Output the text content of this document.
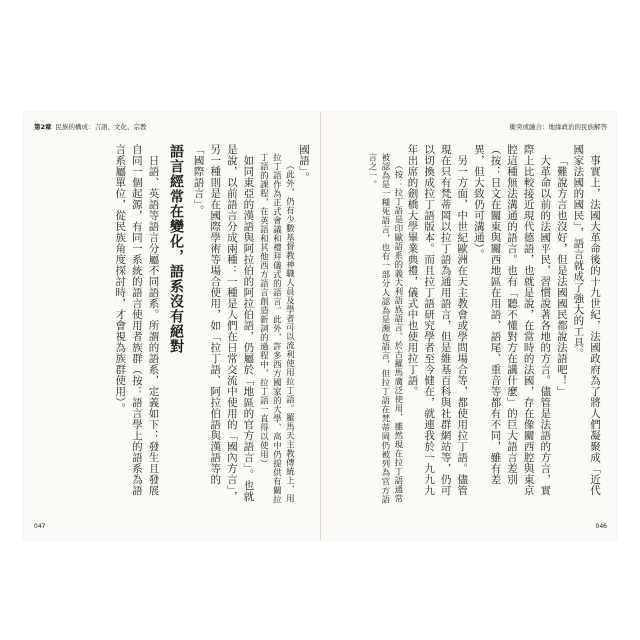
第2章 民族的構成：言語、文化、宗教

國語」。

（此外，仍有少數基督教神職人員及學者可以流利使用拉丁語。羅馬天主教傳統上，用拉丁語作為正式會議和禮拜儀式的語言。此外，許多西方國家的大學、高中仍提供有關拉丁語的課程，在英語和其他西方語言創造新詞的過程中，拉丁語一直得以使用）

如同東亞的漢語與阿拉伯的阿拉伯語，仍屬於「地區的官方語言」。也就是說，以前語言分成兩種：一種是人們在日常交流中使用的「國內方言」，另一種則是在國際學術等場合使用，如「拉丁語、阿拉伯語與漢語等的「國際語言」。

語言經常在變化，語系沒有絕對

日語、英語等語言分屬不同語系。所謂的語系，定義如下：發生且發展自同一個起源，有同一系統的語言使用者族群（按：語言學上的語系為語言系屬單位，從民族角度探討時，才會視為族群使用）。

047
衝突或融合：地緣政治的民族解答

事實上，法國大革命後的十九世紀，法國政府為了將人們凝聚成「近代國家法國的國民」，語言就成了強大的工具。

「難說方言也沒好，但是法國國民都說法語吧！」

大革命以前的法國平民，習慣說著各地的方言。儘管是法語的方言，實際上比較接近現代德語，也就是說，在當時的法國，存在像關西腔與東京腔這種無法溝通的語言。也有「聽不懂對方在講什麼」的巨大語言差別（按：日文在關東與關西地區在用語、語尾、重音等都有不同，雖有差異，但大致仍可溝通）。

另一方面，中世紀歐洲在天主教會或學問場合等，都使用拉丁語。儘管現在只有梵蒂岡以拉丁語為通用語言，但是維基百科與社群網站等，仍可以切換成拉丁語版本。而且拉丁語研究學者至今健在，就連我於一九九九年出席的劍橋大學畢業典禮，儀式中也使用拉丁語。

（按：拉丁語是印歐語系的義大利語族語言。於古羅馬廣泛使用，雖然現在拉丁語通常被認為是一種死語言，也有一部分人認為是瀕危語言，但拉丁語在梵蒂岡仍被列為官方語言之一。

046
